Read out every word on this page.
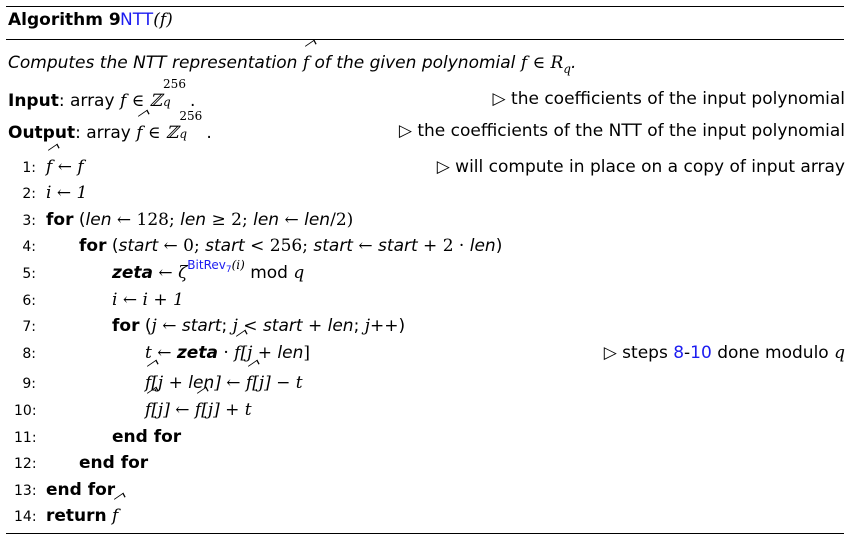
Algorithm 9 NTT(f)
Computes the NTT representation f of the given polynomial f ∈ $R_q$.
Input: array f ∈ ℤ
256
q .	▷ the coefficients of the input polynomial
Output: array f ∈ ℤ
256
q .	▷ the coefficients of the NTT of the input polynomial
1: f ← f	▷ will compute in place on a copy of input array
2: i ← 1
3: for (len ← 128; len ≥ 2; len ← len/2)
4:	for (start ← 0; start < 256; start ← start + 2 · len)
5:	zeta ← $\zeta^{BitRev_7(i)}$ mod q
6:	i ← i + 1
7:	for (j ← start; j < start + len; j++)
8:	t ← zeta · f[j + len]	▷ steps 8-10 done modulo q
9:	f[j + len] ← f[j] − t
10:	f[j] ← f[j] + t
11:	end for
12: end for
13: end for
14: return f
